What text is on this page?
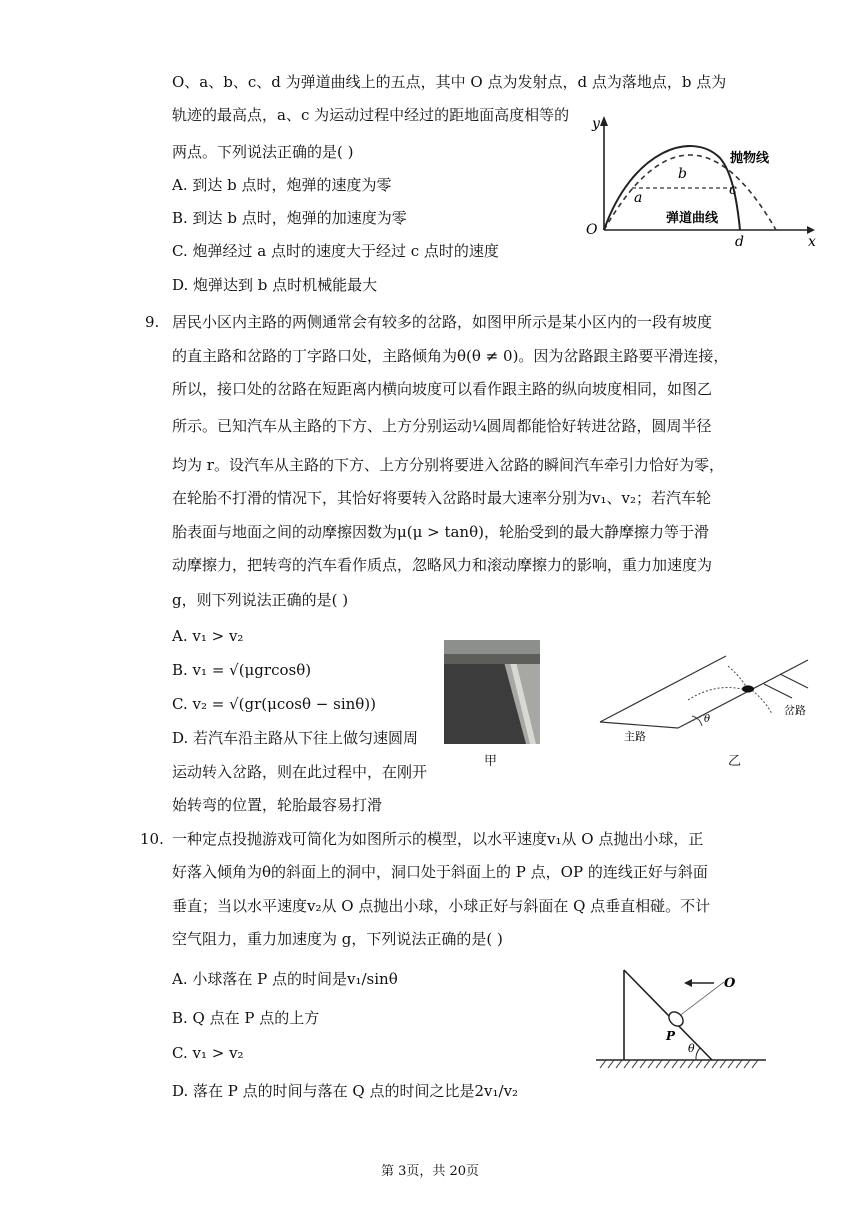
O、a、b、c、d 为弹道曲线上的五点，其中 O 点为发射点，d 点为落地点，b 点为
轨迹的最高点，a、c 为运动过程中经过的距地面高度相等的
两点。下列说法正确的是( )
A. 到达 b 点时，炮弹的速度为零
B. 到达 b 点时，炮弹的加速度为零
C. 炮弹经过 a 点时的速度大于经过 c 点时的速度
D. 炮弹达到 b 点时机械能最大
y
x
O
a
b
c
d
抛物线
弹道曲线
9. 居民小区内主路的两侧通常会有较多的岔路，如图甲所示是某小区内的一段有坡度
的直主路和岔路的丁字路口处，主路倾角为θ(θ ≠ 0)。因为岔路跟主路要平滑连接，
所以，接口处的岔路在短距离内横向坡度可以看作跟主路的纵向坡度相同，如图乙
所示。已知汽车从主路的下方、上方分别运动¼圆周都能恰好转进岔路，圆周半径
均为 r。设汽车从主路的下方、上方分别将要进入岔路的瞬间汽车牵引力恰好为零，
在轮胎不打滑的情况下，其恰好将要转入岔路时最大速率分别为v₁、v₂；若汽车轮
胎表面与地面之间的动摩擦因数为μ(μ > tanθ)，轮胎受到的最大静摩擦力等于滑
动摩擦力，把转弯的汽车看作质点，忽略风力和滚动摩擦力的影响，重力加速度为
g，则下列说法正确的是( )
A. v₁ > v₂
B. v₁ = √(μgrcosθ)
C. v₂ = √(gr(μcosθ − sinθ))
D. 若汽车沿主路从下往上做匀速圆周
运动转入岔路，则在此过程中，在刚开
始转弯的位置，轮胎最容易打滑
甲
θ
主路
岔路
乙
10. 一种定点投抛游戏可简化为如图所示的模型，以水平速度v₁从 O 点抛出小球，正
好落入倾角为θ的斜面上的洞中，洞口处于斜面上的 P 点，OP 的连线正好与斜面
垂直；当以水平速度v₂从 O 点抛出小球，小球正好与斜面在 Q 点垂直相碰。不计
空气阻力，重力加速度为 g，下列说法正确的是( )
A. 小球落在 P 点的时间是v₁/sinθ
B. Q 点在 P 点的上方
C. v₁ > v₂
D. 落在 P 点的时间与落在 Q 点的时间之比是2v₁/v₂
P
θ
O
第 3页，共 20页
